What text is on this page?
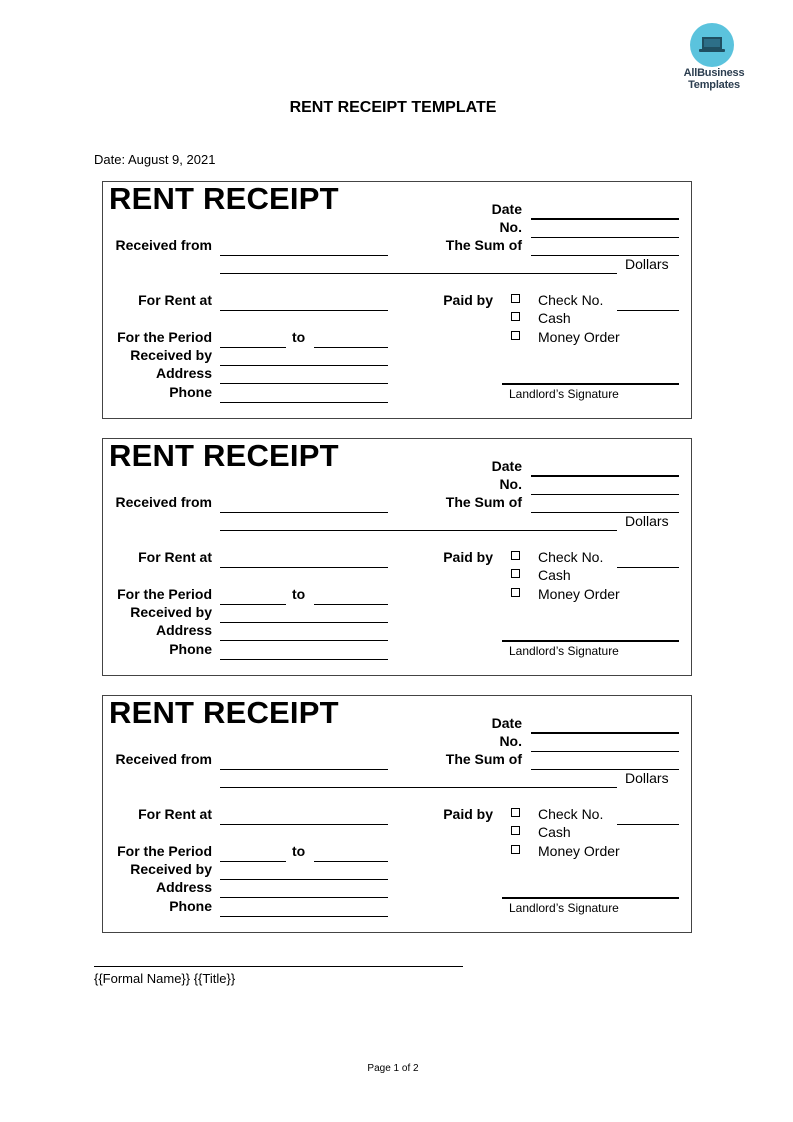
AllBusiness
Templates
RENT RECEIPT TEMPLATE
Date: August 9, 2021
RENT RECEIPT	Date
No.
The Sum of
Dollars
Received from
For Rent at	Paid by	Check No.
Cash
Money Order
For the Period	to
Received by
Address
Phone	Landlord’s Signature
RENT RECEIPT	Date
No.
The Sum of
Dollars
Received from
For Rent at	Paid by	Check No.
Cash
Money Order
For the Period	to
Received by
Address
Phone	Landlord’s Signature
RENT RECEIPT	Date
No.
The Sum of
Dollars
Received from
For Rent at	Paid by	Check No.
Cash
Money Order
For the Period	to
Received by
Address
Phone	Landlord’s Signature
{{Formal Name}} {{Title}}
Page 1 of 2
